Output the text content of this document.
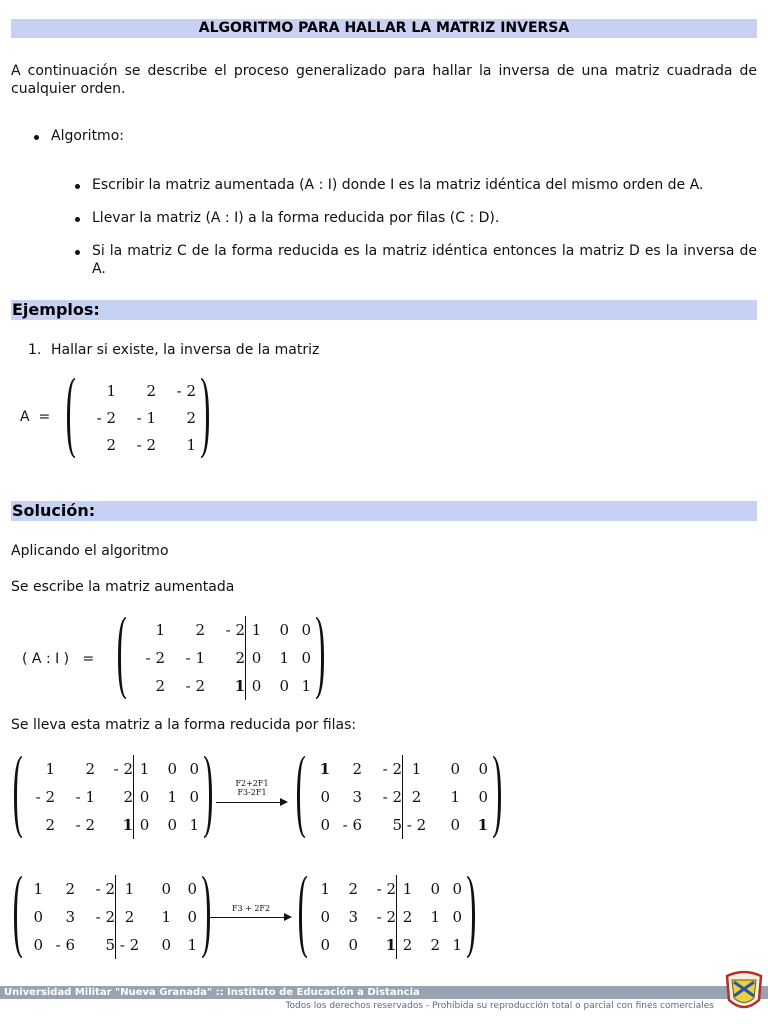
ALGORITMO PARA HALLAR LA MATRIZ INVERSA
A continuación se describe el proceso generalizado para hallar la inversa de una matriz cuadrada de cualquier orden.
Algoritmo:
Escribir la matriz aumentada (A : I) donde I es la matriz idéntica del mismo orden de A.
Llevar la matriz (A : I) a la forma reducida por filas (C : D).
Si la matriz C de la forma reducida es la matriz idéntica entonces la matriz D es la inversa de A.
Ejemplos:
1. Hallar si existe, la inversa de la matriz
A  =
1	2	- 2
- 2	- 1	2
2	- 2	1
Solución:
Aplicando el algoritmo
Se escribe la matriz aumentada
( A : I )   =
1	2	- 2 1	0 0
- 2	- 1	2 0	1 0
2	- 2	1 0	0 1
Se lleva esta matriz a la forma reducida por filas:
1	2	- 2 1	0 0
- 2	- 1	2 0	1 0
2	- 2	1 0	0 1
F2+2F1
F3-2F1
1	2	- 2 1	0	0
0	3	- 2 2	1	0
0 - 6	5 - 2	0	1
1	2	- 2 1	0	0
0	3	- 2 2	1	0
0 - 6	5 - 2	0	1
F3 + 2F2
1	2	- 2 1	0 0
0	3	- 2 2	1 0
0	0	1 2	2 1
Universidad Militar "Nueva Granada" :: Instituto de Educación a Distancia
Todos los derechos reservados - Prohibida su reproducción total o parcial con fines comerciales
